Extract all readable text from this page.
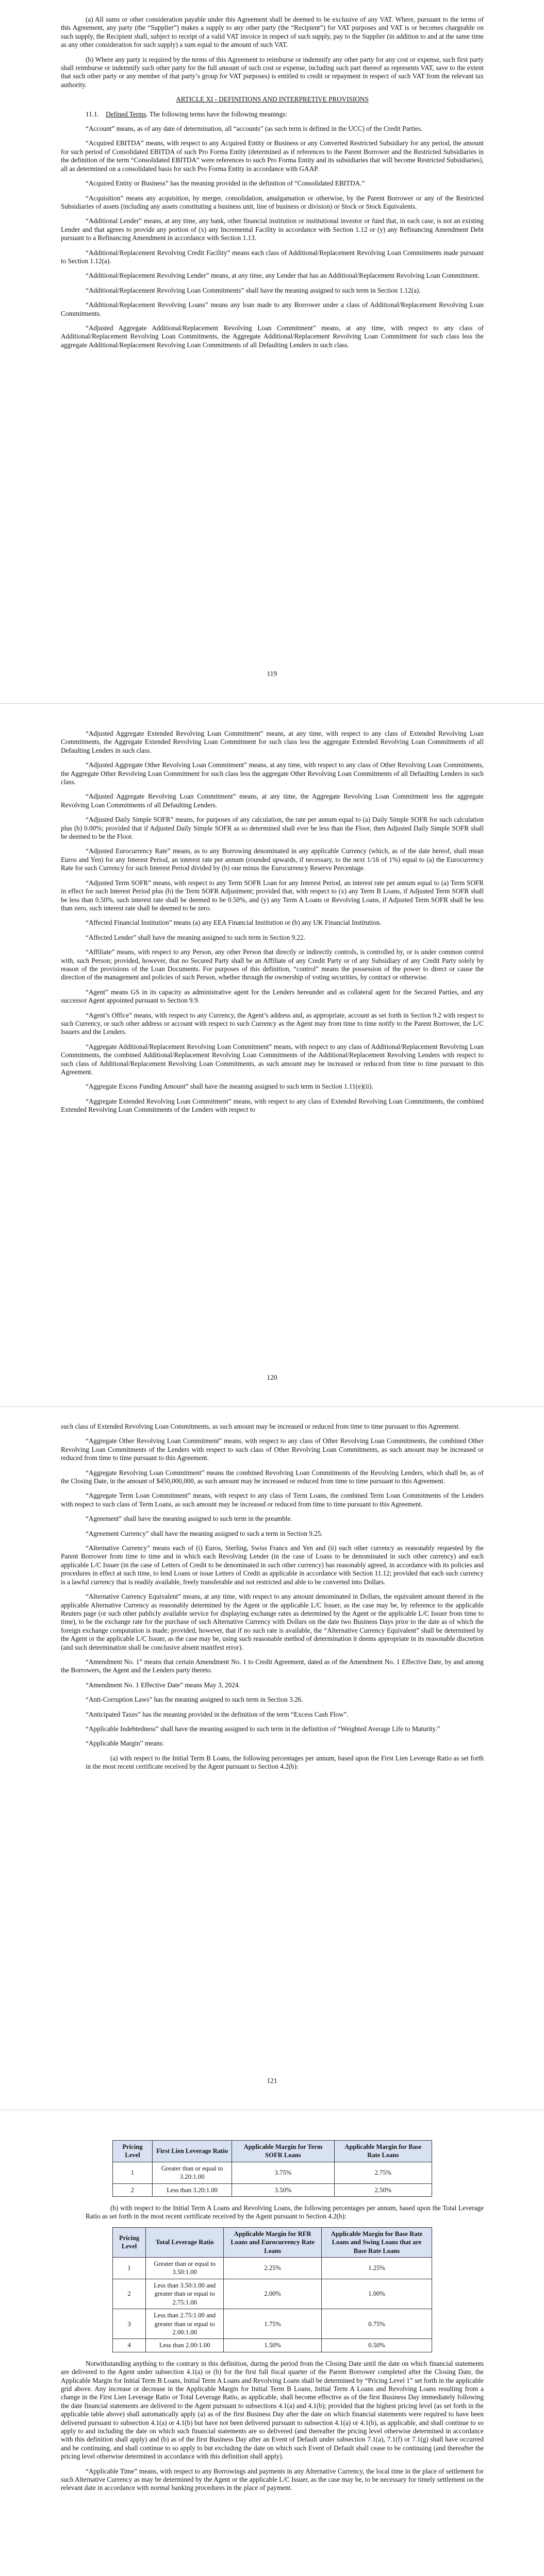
(a) All sums or other consideration payable under this Agreement shall be deemed to be exclusive of any VAT. Where, pursuant to the terms of this Agreement, any party (the “Supplier”) makes a supply to any other party (the “Recipient”) for VAT purposes and VAT is or becomes chargeable on such supply, the Recipient shall, subject to receipt of a valid VAT invoice in respect of such supply, pay to the Supplier (in addition to and at the same time as any other consideration for such supply) a sum equal to the amount of such VAT.

(b) Where any party is required by the terms of this Agreement to reimburse or indemnify any other party for any cost or expense, such first party shall reimburse or indemnify such other party for the full amount of such cost or expense, including such part thereof as represents VAT, save to the extent that such other party or any member of that party’s group for VAT purposes) is entitled to credit or repayment in respect of such VAT from the relevant tax authority.

ARTICLE XI - DEFINITIONS AND INTERPRETIVE PROVISIONS

11.1. Defined Terms. The following terms have the following meanings:

“Account” means, as of any date of determination, all “accounts” (as such term is defined in the UCC) of the Credit Parties.

“Acquired EBITDA” means, with respect to any Acquired Entity or Business or any Converted Restricted Subsidiary for any period, the amount for such period of Consolidated EBITDA of such Pro Forma Entity (determined as if references to the Parent Borrower and the Restricted Subsidiaries in the definition of the term “Consolidated EBITDA” were references to such Pro Forma Entity and its subsidiaries that will become Restricted Subsidiaries), all as determined on a consolidated basis for such Pro Forma Entity in accordance with GAAP.

“Acquired Entity or Business” has the meaning provided in the definition of “Consolidated EBITDA.”

“Acquisition” means any acquisition, by merger, consolidation, amalgamation or otherwise, by the Parent Borrower or any of the Restricted Subsidiaries of assets (including any assets constituting a business unit, line of business or division) or Stock or Stock Equivalents.

“Additional Lender” means, at any time, any bank, other financial institution or institutional investor or fund that, in each case, is not an existing Lender and that agrees to provide any portion of (x) any Incremental Facility in accordance with Section 1.12 or (y) any Refinancing Amendment Debt pursuant to a Refinancing Amendment in accordance with Section 1.13.

“Additional/Replacement Revolving Credit Facility” means each class of Additional/Replacement Revolving Loan Commitments made pursuant to Section 1.12(a).

“Additional/Replacement Revolving Lender” means, at any time, any Lender that has an Additional/Replacement Revolving Loan Commitment.

“Additional/Replacement Revolving Loan Commitments” shall have the meaning assigned to such term in Section 1.12(a).

“Additional/Replacement Revolving Loans” means any loan made to any Borrower under a class of Additional/Replacement Revolving Loan Commitments.

“Adjusted Aggregate Additional/Replacement Revolving Loan Commitment” means, at any time, with respect to any class of Additional/Replacement Revolving Loan Commitments, the Aggregate Additional/Replacement Revolving Loan Commitment for such class less the aggregate Additional/Replacement Revolving Loan Commitments of all Defaulting Lenders in such class.

119

“Adjusted Aggregate Extended Revolving Loan Commitment” means, at any time, with respect to any class of Extended Revolving Loan Commitments, the Aggregate Extended Revolving Loan Commitment for such class less the aggregate Extended Revolving Loan Commitments of all Defaulting Lenders in such class.

“Adjusted Aggregate Other Revolving Loan Commitment” means, at any time, with respect to any class of Other Revolving Loan Commitments, the Aggregate Other Revolving Loan Commitment for such class less the aggregate Other Revolving Loan Commitments of all Defaulting Lenders in such class.

“Adjusted Aggregate Revolving Loan Commitment” means, at any time, the Aggregate Revolving Loan Commitment less the aggregate Revolving Loan Commitments of all Defaulting Lenders.

“Adjusted Daily Simple SOFR” means, for purposes of any calculation, the rate per annum equal to (a) Daily Simple SOFR for such calculation plus (b) 0.00%; provided that if Adjusted Daily Simple SOFR as so determined shall ever be less than the Floor, then Adjusted Daily Simple SOFR shall be deemed to be the Floor.

“Adjusted Eurocurrency Rate” means, as to any Borrowing denominated in any applicable Currency (which, as of the date hereof, shall mean Euros and Yen) for any Interest Period, an interest rate per annum (rounded upwards, if necessary, to the next 1/16 of 1%) equal to (a) the Eurocurrency Rate for such Currency for such Interest Period divided by (b) one minus the Eurocurrency Reserve Percentage.

“Adjusted Term SOFR” means, with respect to any Term SOFR Loan for any Interest Period, an interest rate per annum equal to (a) Term SOFR in effect for such Interest Period plus (b) the Term SOFR Adjustment; provided that, with respect to (x) any Term B Loans, if Adjusted Term SOFR shall be less than 0.50%, such interest rate shall be deemed to be 0.50%, and (y) any Term A Loans or Revolving Loans, if Adjusted Term SOFR shall be less than zero, such interest rate shall be deemed to be zero.

“Affected Financial Institution” means (a) any EEA Financial Institution or (b) any UK Financial Institution.

“Affected Lender” shall have the meaning assigned to such term in Section 9.22.

“Affiliate” means, with respect to any Person, any other Person that directly or indirectly controls, is controlled by, or is under common control with, such Person; provided, however, that no Secured Party shall be an Affiliate of any Credit Party or of any Subsidiary of any Credit Party solely by reason of the provisions of the Loan Documents. For purposes of this definition, “control” means the possession of the power to direct or cause the direction of the management and policies of such Person, whether through the ownership of voting securities, by contract or otherwise.

“Agent” means GS in its capacity as administrative agent for the Lenders hereunder and as collateral agent for the Secured Parties, and any successor Agent appointed pursuant to Section 9.9.

“Agent’s Office” means, with respect to any Currency, the Agent’s address and, as appropriate, account as set forth in Section 9.2 with respect to such Currency, or such other address or account with respect to such Currency as the Agent may from time to time notify to the Parent Borrower, the L/C Issuers and the Lenders.

“Aggregate Additional/Replacement Revolving Loan Commitment” means, with respect to any class of Additional/Replacement Revolving Loan Commitments, the combined Additional/Replacement Revolving Loan Commitments of the Additional/Replacement Revolving Lenders with respect to such class of Additional/Replacement Revolving Loan Commitments, as such amount may be increased or reduced from time to time pursuant to this Agreement.

“Aggregate Excess Funding Amount” shall have the meaning assigned to such term in Section 1.11(e)(ii).

“Aggregate Extended Revolving Loan Commitment” means, with respect to any class of Extended Revolving Loan Commitments, the combined Extended Revolving Loan Commitments of the Lenders with respect to

120

such class of Extended Revolving Loan Commitments, as such amount may be increased or reduced from time to time pursuant to this Agreement.

“Aggregate Other Revolving Loan Commitment” means, with respect to any class of Other Revolving Loan Commitments, the combined Other Revolving Loan Commitments of the Lenders with respect to such class of Other Revolving Loan Commitments, as such amount may be increased or reduced from time to time pursuant to this Agreement.

“Aggregate Revolving Loan Commitment” means the combined Revolving Loan Commitments of the Revolving Lenders, which shall be, as of the Closing Date, in the amount of $450,000,000, as such amount may be increased or reduced from time to time pursuant to this Agreement.

“Aggregate Term Loan Commitment” means, with respect to any class of Term Loans, the combined Term Loan Commitments of the Lenders with respect to such class of Term Loans, as such amount may be increased or reduced from time to time pursuant to this Agreement.

“Agreement” shall have the meaning assigned to such term in the preamble.

“Agreement Currency” shall have the meaning assigned to such a term in Section 9.25.

“Alternative Currency” means each of (i) Euros, Sterling, Swiss Francs and Yen and (ii) each other currency as reasonably requested by the Parent Borrower from time to time and in which each Revolving Lender (in the case of Loans to be denominated in such other currency) and each applicable L/C Issuer (in the case of Letters of Credit to be denominated in such other currency) has reasonably agreed, in accordance with its policies and procedures in effect at such time, to lend Loans or issue Letters of Credit as applicable in accordance with Section 11.12; provided that each such currency is a lawful currency that is readily available, freely transferable and not restricted and able to be converted into Dollars.

“Alternative Currency Equivalent” means, at any time, with respect to any amount denominated in Dollars, the equivalent amount thereof in the applicable Alternative Currency as reasonably determined by the Agent or the applicable L/C Issuer, as the case may be, by reference to the applicable Reuters page (or such other publicly available service for displaying exchange rates as determined by the Agent or the applicable L/C Issuer from time to time), to be the exchange rate for the purchase of such Alternative Currency with Dollars on the date two Business Days prior to the date as of which the foreign exchange computation is made; provided, however, that if no such rate is available, the “Alternative Currency Equivalent” shall be determined by the Agent or the applicable L/C Issuer, as the case may be, using such reasonable method of determination it deems appropriate in its reasonable discretion (and such determination shall be conclusive absent manifest error).

“Amendment No. 1” means that certain Amendment No. 1 to Credit Agreement, dated as of the Amendment No. 1 Effective Date, by and among the Borrowers, the Agent and the Lenders party thereto.

“Amendment No. 1 Effective Date” means May 3, 2024.

“Anti-Corruption Laws” has the meaning assigned to such term in Section 3.26.

“Anticipated Taxes” has the meaning provided in the definition of the term “Excess Cash Flow”.

“Applicable Indebtedness” shall have the meaning assigned to such term in the definition of “Weighted Average Life to Maturity.”

“Applicable Margin” means:

(a) with respect to the Initial Term B Loans, the following percentages per annum, based upon the First Lien Leverage Ratio as set forth in the most recent certificate received by the Agent pursuant to Section 4.2(b):

121
Pricing Level	First Lien Leverage Ratio	Applicable Margin for Term SOFR Loans	Applicable Margin for Base Rate Loans
1	Greater than or equal to 3.20:1.00	3.75%	2.75%
2	Less than 3.20:1.00	3.50%	2.50%

(b) with respect to the Initial Term A Loans and Revolving Loans, the following percentages per annum, based upon the Total Leverage Ratio as set forth in the most recent certificate received by the Agent pursuant to Section 4.2(b):

Pricing Level	Total Leverage Ratio	Applicable Margin for RFR Loans and Eurocurrency Rate Loans	Applicable Margin for Base Rate Loans and Swing Loans that are Base Rate Loans
1	Greater than or equal to 3.50:1.00	2.25%	1.25%
2	Less than 3.50:1.00 and greater than or equal to 2.75:1.00	2.00%	1.00%
3	Less than 2.75:1.00 and greater than or equal to 2.00:1.00	1.75%	0.75%
4	Less than 2.00:1.00	1.50%	0.50%

Notwithstanding anything to the contrary in this definition, during the period from the Closing Date until the date on which financial statements are delivered to the Agent under subsection 4.1(a) or (b) for the first full fiscal quarter of the Parent Borrower completed after the Closing Date, the Applicable Margin for Initial Term B Loans, Initial Term A Loans and Revolving Loans shall be determined by “Pricing Level 1” set forth in the applicable grid above. Any increase or decrease in the Applicable Margin for Initial Term B Loans, Initial Term A Loans and Revolving Loans resulting from a change in the First Lien Leverage Ratio or Total Leverage Ratio, as applicable, shall become effective as of the first Business Day immediately following the date financial statements are delivered to the Agent pursuant to subsections 4.1(a) and 4.1(b); provided that the highest pricing level (as set forth in the applicable table above) shall automatically apply (a) as of the first Business Day after the date on which financial statements were required to have been delivered pursuant to subsection 4.1(a) or 4.1(b) but have not been delivered pursuant to subsection 4.1(a) or 4.1(b), as applicable, and shall continue to so apply to and including the date on which such financial statements are so delivered (and thereafter the pricing level otherwise determined in accordance with this definition shall apply) and (b) as of the first Business Day after an Event of Default under subsection 7.1(a), 7.1(f) or 7.1(g) shall have occurred and be continuing, and shall continue to so apply to but excluding the date on which such Event of Default shall cease to be continuing (and thereafter the pricing level otherwise determined in accordance with this definition shall apply).

“Applicable Time” means, with respect to any Borrowings and payments in any Alternative Currency, the local time in the place of settlement for such Alternative Currency as may be determined by the Agent or the applicable L/C Issuer, as the case may be, to be necessary for timely settlement on the relevant date in accordance with normal banking procedures in the place of payment.
